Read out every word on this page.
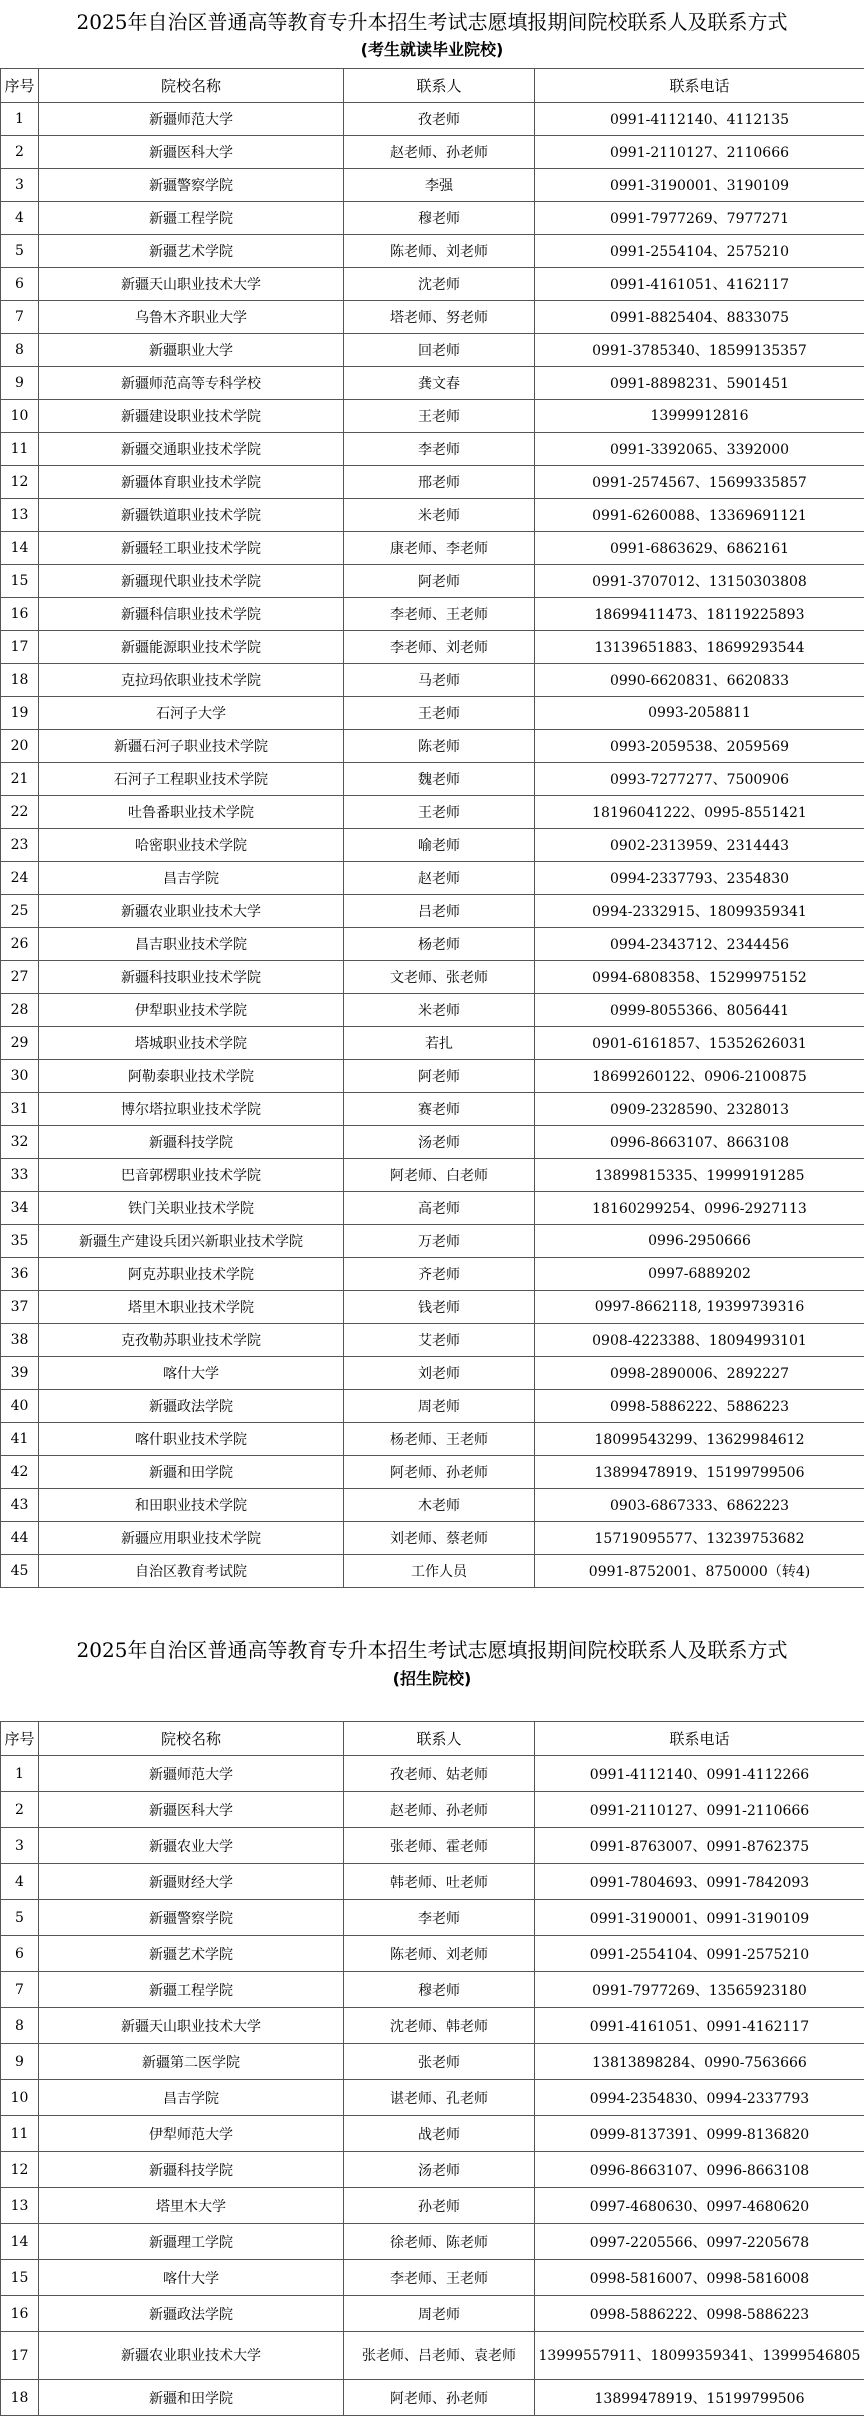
2025年自治区普通高等教育专升本招生考试志愿填报期间院校联系人及联系方式
(考生就读毕业院校)
序号	院校名称	联系人	联系电话
1	新疆师范大学	孜老师	0991-4112140、4112135
2	新疆医科大学	赵老师、孙老师	0991-2110127、2110666
3	新疆警察学院	李强	0991-3190001、3190109
4	新疆工程学院	穆老师	0991-7977269、7977271
5	新疆艺术学院	陈老师、刘老师	0991-2554104、2575210
6	新疆天山职业技术大学	沈老师	0991-4161051、4162117
7	乌鲁木齐职业大学	塔老师、努老师	0991-8825404、8833075
8	新疆职业大学	回老师	0991-3785340、18599135357
9	新疆师范高等专科学校	龚文春	0991-8898231、5901451
10	新疆建设职业技术学院	王老师	13999912816
11	新疆交通职业技术学院	李老师	0991-3392065、3392000
12	新疆体育职业技术学院	邢老师	0991-2574567、15699335857
13	新疆铁道职业技术学院	米老师	0991-6260088、13369691121
14	新疆轻工职业技术学院	康老师、李老师	0991-6863629、6862161
15	新疆现代职业技术学院	阿老师	0991-3707012、13150303808
16	新疆科信职业技术学院	李老师、王老师	18699411473、18119225893
17	新疆能源职业技术学院	李老师、刘老师	13139651883、18699293544
18	克拉玛依职业技术学院	马老师	0990-6620831、6620833
19	石河子大学	王老师	0993-2058811
20	新疆石河子职业技术学院	陈老师	0993-2059538、2059569
21	石河子工程职业技术学院	魏老师	0993-7277277、7500906
22	吐鲁番职业技术学院	王老师	18196041222、0995-8551421
23	哈密职业技术学院	喻老师	0902-2313959、2314443
24	昌吉学院	赵老师	0994-2337793、2354830
25	新疆农业职业技术大学	吕老师	0994-2332915、18099359341
26	昌吉职业技术学院	杨老师	0994-2343712、2344456
27	新疆科技职业技术学院	文老师、张老师	0994-6808358、15299975152
28	伊犁职业技术学院	米老师	0999-8055366、8056441
29	塔城职业技术学院	若扎	0901-6161857、15352626031
30	阿勒泰职业技术学院	阿老师	18699260122、0906-2100875
31	博尔塔拉职业技术学院	赛老师	0909-2328590、2328013
32	新疆科技学院	汤老师	0996-8663107、8663108
33	巴音郭楞职业技术学院	阿老师、白老师	13899815335、19999191285
34	铁门关职业技术学院	高老师	18160299254、0996-2927113
35	新疆生产建设兵团兴新职业技术学院	万老师	0996-2950666
36	阿克苏职业技术学院	齐老师	0997-6889202
37	塔里木职业技术学院	钱老师	0997-8662118, 19399739316
38	克孜勒苏职业技术学院	艾老师	0908-4223388、18094993101
39	喀什大学	刘老师	0998-2890006、2892227
40	新疆政法学院	周老师	0998-5886222、5886223
41	喀什职业技术学院	杨老师、王老师	18099543299、13629984612
42	新疆和田学院	阿老师、孙老师	13899478919、15199799506
43	和田职业技术学院	木老师	0903-6867333、6862223
44	新疆应用职业技术学院	刘老师、蔡老师	15719095577、13239753682
45	自治区教育考试院	工作人员	0991-8752001、8750000（转4)
2025年自治区普通高等教育专升本招生考试志愿填报期间院校联系人及联系方式
(招生院校)
序号	院校名称	联系人	联系电话
1	新疆师范大学	孜老师、姑老师	0991-4112140、0991-4112266
2	新疆医科大学	赵老师、孙老师	0991-2110127、0991-2110666
3	新疆农业大学	张老师、霍老师	0991-8763007、0991-8762375
4	新疆财经大学	韩老师、吐老师	0991-7804693、0991-7842093
5	新疆警察学院	李老师	0991-3190001、0991-3190109
6	新疆艺术学院	陈老师、刘老师	0991-2554104、0991-2575210
7	新疆工程学院	穆老师	0991-7977269、13565923180
8	新疆天山职业技术大学	沈老师、韩老师	0991-4161051、0991-4162117
9	新疆第二医学院	张老师	13813898284、0990-7563666
10	昌吉学院	谌老师、孔老师	0994-2354830、0994-2337793
11	伊犁师范大学	战老师	0999-8137391、0999-8136820
12	新疆科技学院	汤老师	0996-8663107、0996-8663108
13	塔里木大学	孙老师	0997-4680630、0997-4680620
14	新疆理工学院	徐老师、陈老师	0997-2205566、0997-2205678
15	喀什大学	李老师、王老师	0998-5816007、0998-5816008
16	新疆政法学院	周老师	0998-5886222、0998-5886223
17	新疆农业职业技术大学	张老师、吕老师、袁老师	13999557911、18099359341、13999546805
18	新疆和田学院	阿老师、孙老师	13899478919、15199799506
